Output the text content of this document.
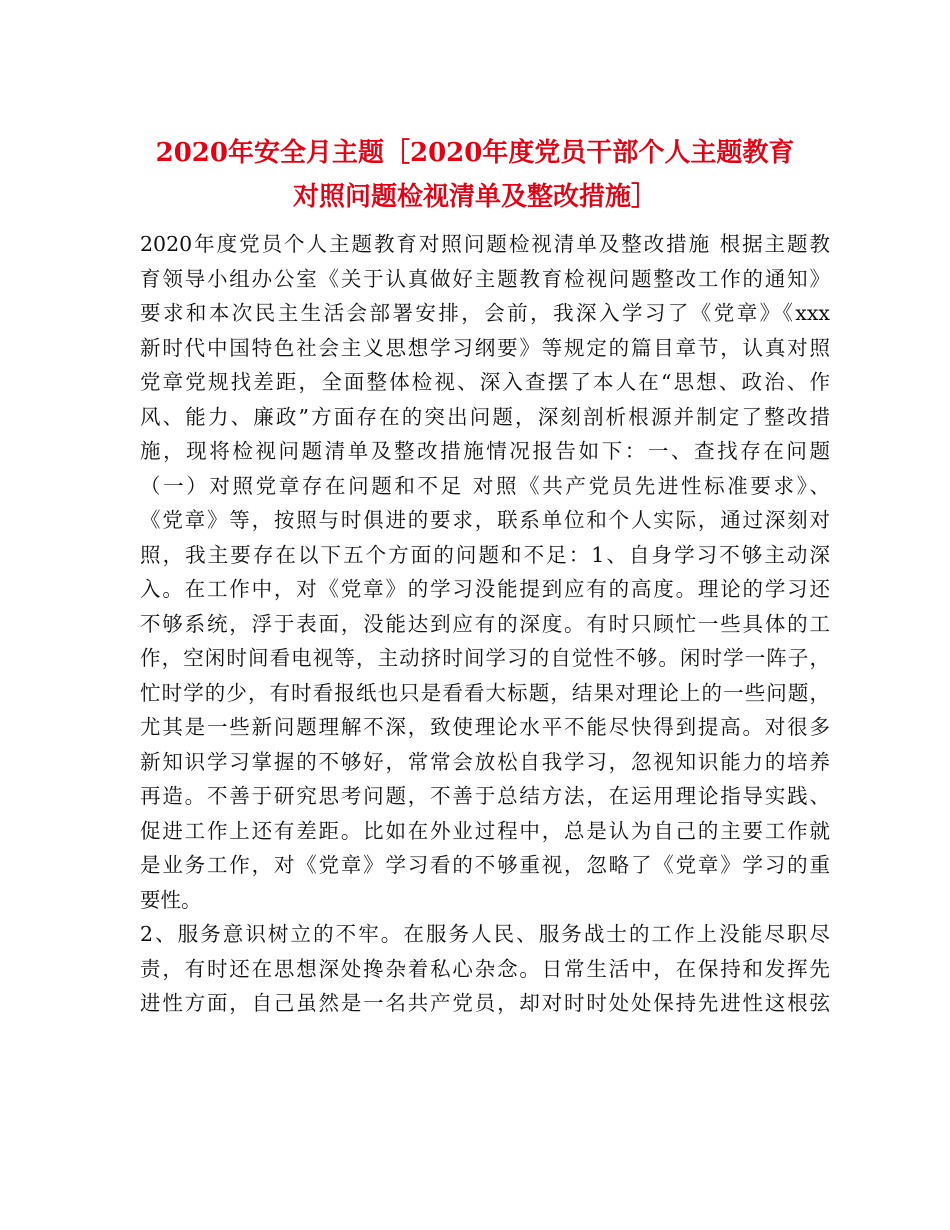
2020年安全月主题［2020年度党员干部个人主题教育
对照问题检视清单及整改措施］
2020年度党员个人主题教育对照问题检视清单及整改措施 根据主题教
育领导小组办公室《关于认真做好主题教育检视问题整改工作的通知》
要求和本次民主生活会部署安排，会前，我深入学习了《党章》《xxx
新时代中国特色社会主义思想学习纲要》等规定的篇目章节，认真对照
党章党规找差距，全面整体检视、深入查摆了本人在“思想、政治、作
风、能力、廉政”方面存在的突出问题，深刻剖析根源并制定了整改措
施，现将检视问题清单及整改措施情况报告如下：一、查找存在问题
（一）对照党章存在问题和不足 对照《共产党员先进性标准要求》、
《党章》等，按照与时俱进的要求，联系单位和个人实际，通过深刻对
照，我主要存在以下五个方面的问题和不足：1、自身学习不够主动深
入。在工作中，对《党章》的学习没能提到应有的高度。理论的学习还
不够系统，浮于表面，没能达到应有的深度。有时只顾忙一些具体的工
作，空闲时间看电视等，主动挤时间学习的自觉性不够。闲时学一阵子，
忙时学的少，有时看报纸也只是看看大标题，结果对理论上的一些问题，
尤其是一些新问题理解不深，致使理论水平不能尽快得到提高。对很多
新知识学习掌握的不够好，常常会放松自我学习，忽视知识能力的培养
再造。不善于研究思考问题，不善于总结方法，在运用理论指导实践、
促进工作上还有差距。比如在外业过程中，总是认为自己的主要工作就
是业务工作，对《党章》学习看的不够重视，忽略了《党章》学习的重
要性。
2、服务意识树立的不牢。在服务人民、服务战士的工作上没能尽职尽
责，有时还在思想深处搀杂着私心杂念。日常生活中，在保持和发挥先
进性方面，自己虽然是一名共产党员，却对时时处处保持先进性这根弦
